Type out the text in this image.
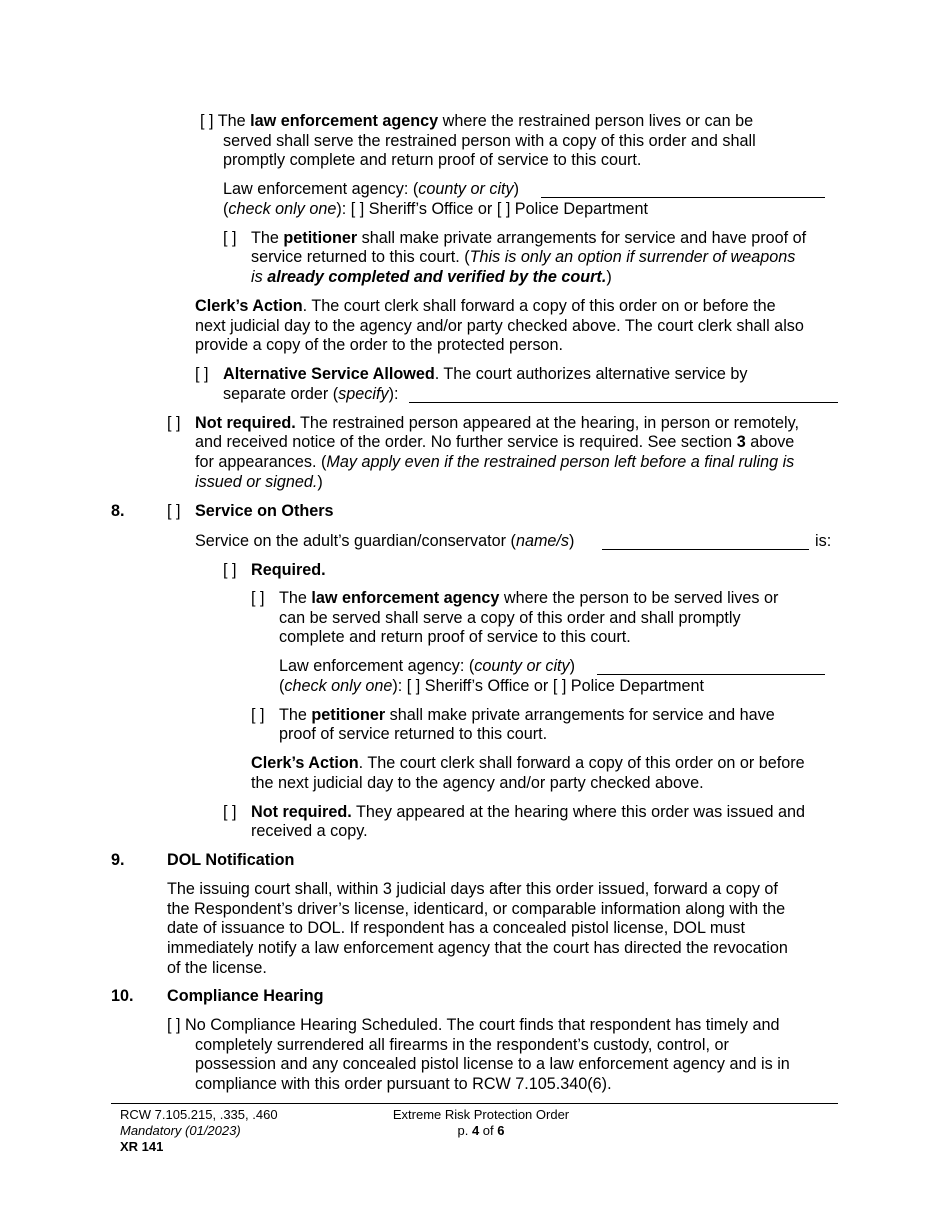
[ ] The law enforcement agency where the restrained person lives or can be
served shall serve the restrained person with a copy of this order and shall
promptly complete and return proof of service to this court.
Law enforcement agency: (county or city)
(check only one): [ ] Sheriff’s Office or [ ] Police Department
[ ] The petitioner shall make private arrangements for service and have proof of
service returned to this court. (This is only an option if surrender of weapons
is already completed and verified by the court.)
Clerk’s Action. The court clerk shall forward a copy of this order on or before the
next judicial day to the agency and/or party checked above. The court clerk shall also
provide a copy of the order to the protected person.
[ ] Alternative Service Allowed. The court authorizes alternative service by
separate order (specify):
[ ] Not required. The restrained person appeared at the hearing, in person or remotely,
and received notice of the order. No further service is required. See section 3 above
for appearances. (May apply even if the restrained person left before a final ruling is
issued or signed.)
8.	[ ] Service on Others
Service on the adult’s guardian/conservator (name/s)	is:
[ ] Required.
[ ] The law enforcement agency where the person to be served lives or
can be served shall serve a copy of this order and shall promptly
complete and return proof of service to this court.
Law enforcement agency: (county or city)
(check only one): [ ] Sheriff’s Office or [ ] Police Department
[ ] The petitioner shall make private arrangements for service and have
proof of service returned to this court.
Clerk’s Action. The court clerk shall forward a copy of this order on or before
the next judicial day to the agency and/or party checked above.
[ ] Not required. They appeared at the hearing where this order was issued and
received a copy.
9.	DOL Notification
The issuing court shall, within 3 judicial days after this order issued, forward a copy of
the Respondent’s driver’s license, identicard, or comparable information along with the
date of issuance to DOL. If respondent has a concealed pistol license, DOL must
immediately notify a law enforcement agency that the court has directed the revocation
of the license.
10. Compliance Hearing
[ ] No Compliance Hearing Scheduled. The court finds that respondent has timely and
completely surrendered all firearms in the respondent’s custody, control, or
possession and any concealed pistol license to a law enforcement agency and is in
compliance with this order pursuant to RCW 7.105.340(6).
RCW 7.105.215, .335, .460
Mandatory (01/2023)
XR 141
Extreme Risk Protection Order
p. 4 of 6
